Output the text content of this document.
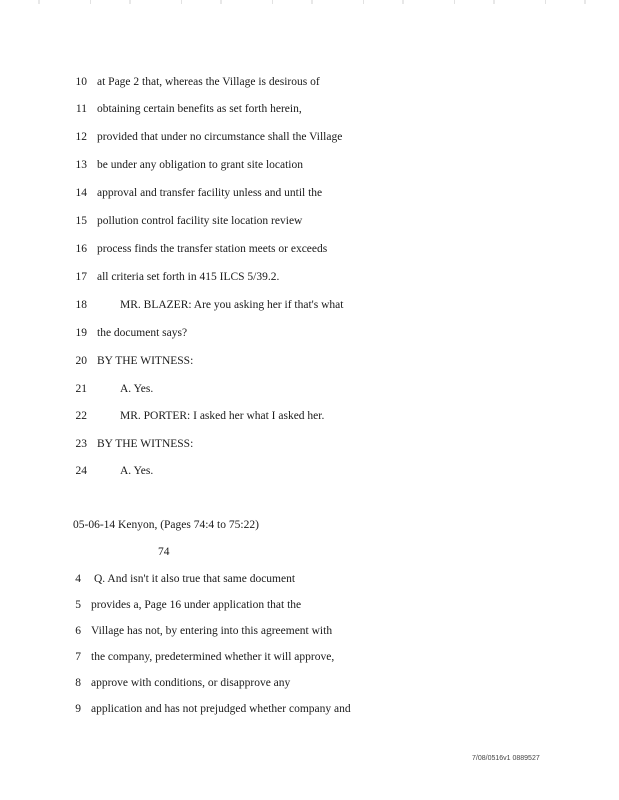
10 at Page 2 that, whereas the Village is desirous of
11 obtaining certain benefits as set forth herein,
12 provided that under no circumstance shall the Village
13 be under any obligation to grant site location
14 approval and transfer facility unless and until the
15 pollution control facility site location review
16 process finds the transfer station meets or exceeds
17 all criteria set forth in 415 ILCS 5/39.2.
18	MR. BLAZER: Are you asking her if that's what
19 the document says?
20 BY THE WITNESS:
21	A. Yes.
22	MR. PORTER: I asked her what I asked her.
23 BY THE WITNESS:
24	A. Yes.
05-06-14 Kenyon, (Pages 74:4 to 75:22)
74
4 Q. And isn't it also true that same document
5 provides a, Page 16 under application that the
6 Village has not, by entering into this agreement with
7 the company, predetermined whether it will approve,
8 approve with conditions, or disapprove any
9 application and has not prejudged whether company and
7/08/0516v1 0889527
